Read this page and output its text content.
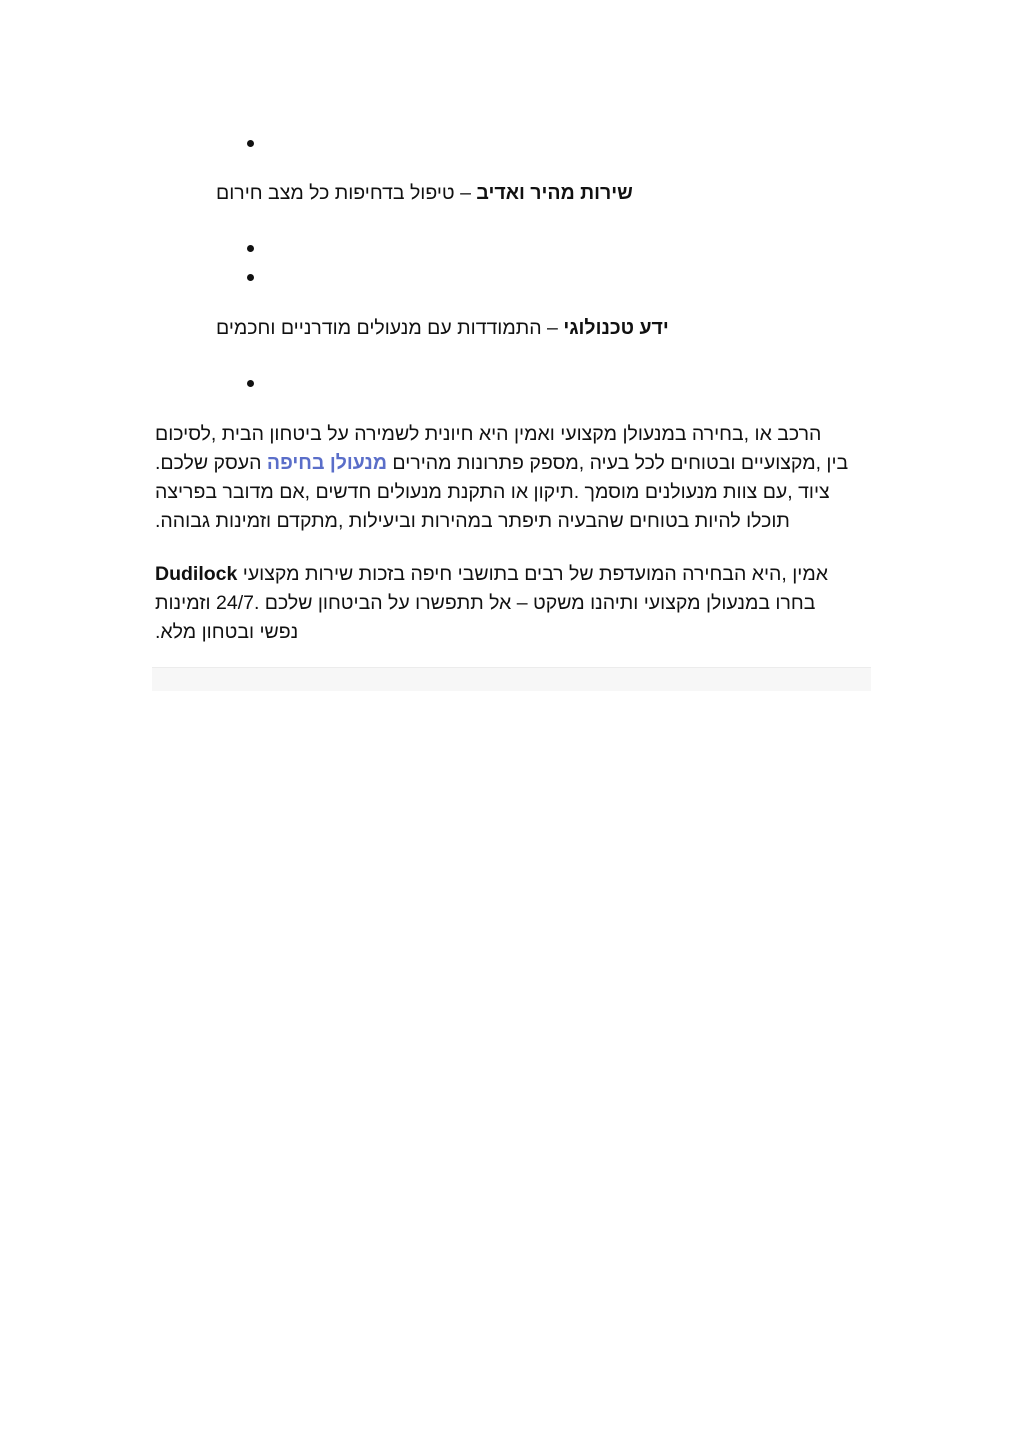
טיפול בדחיפות כל מצב חירום – שירות מהיר ואדיב
התמודדות עם מנעולים מודרניים וחכמים – ידע טכנולוגי
הרכב או ,בחירה במנעולן מקצועי ואמין היא חיונית לשמירה על ביטחון הבית ,לסיכום
.העסק שלכם מנעולן בחיפה בין ,מקצועיים ובטוחים לכל בעיה ,מספק פתרונות מהירים
ציוד ,עם צוות מנעולנים מוסמך .תיקון או התקנת מנעולים חדשים ,אם מדובר בפריצה
.תוכלו להיות בטוחים שהבעיה תיפתר במהירות וביעילות ,מתקדם וזמינות גבוהה
Dudilock אמין ,היא הבחירה המועדפת של רבים בתושבי חיפה בזכות שירות מקצועי
בחרו במנעולן מקצועי ותיהנו משקט – אל תתפשרו על הביטחון שלכם .24/7 וזמינות
.נפשי ובטחון מלא
